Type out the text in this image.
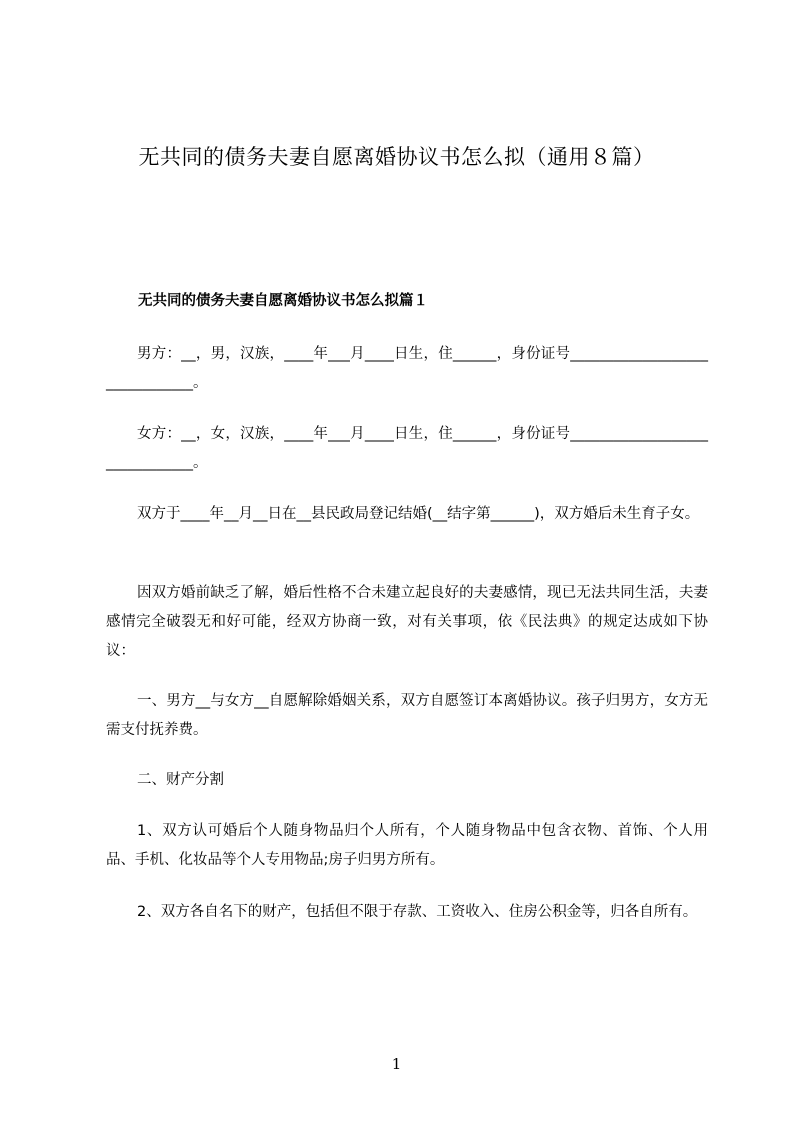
无共同的债务夫妻自愿离婚协议书怎么拟（通用８篇）
无共同的债务夫妻自愿离婚协议书怎么拟篇１

男方：__，男，汉族，____年___月____日生，住______，身份证号_______________________________。

女方：__，女，汉族，____年___月____日生，住______，身份证号_______________________________。

双方于____年__月__日在__县民政局登记结婚(__结字第______)，双方婚后未生育子女。

因双方婚前缺乏了解，婚后性格不合未建立起良好的夫妻感情，现已无法共同生活，夫妻感情完全破裂无和好可能，经双方协商一致，对有关事项，依《民法典》的规定达成如下协议：

一、男方__与女方__自愿解除婚姻关系，双方自愿签订本离婚协议。孩子归男方，女方无需支付抚养费。

二、财产分割

1、双方认可婚后个人随身物品归个人所有，个人随身物品中包含衣物、首饰、个人用品、手机、化妆品等个人专用物品;房子归男方所有。

2、双方各自名下的财产，包括但不限于存款、工资收入、住房公积金等，归各自所有。

1
